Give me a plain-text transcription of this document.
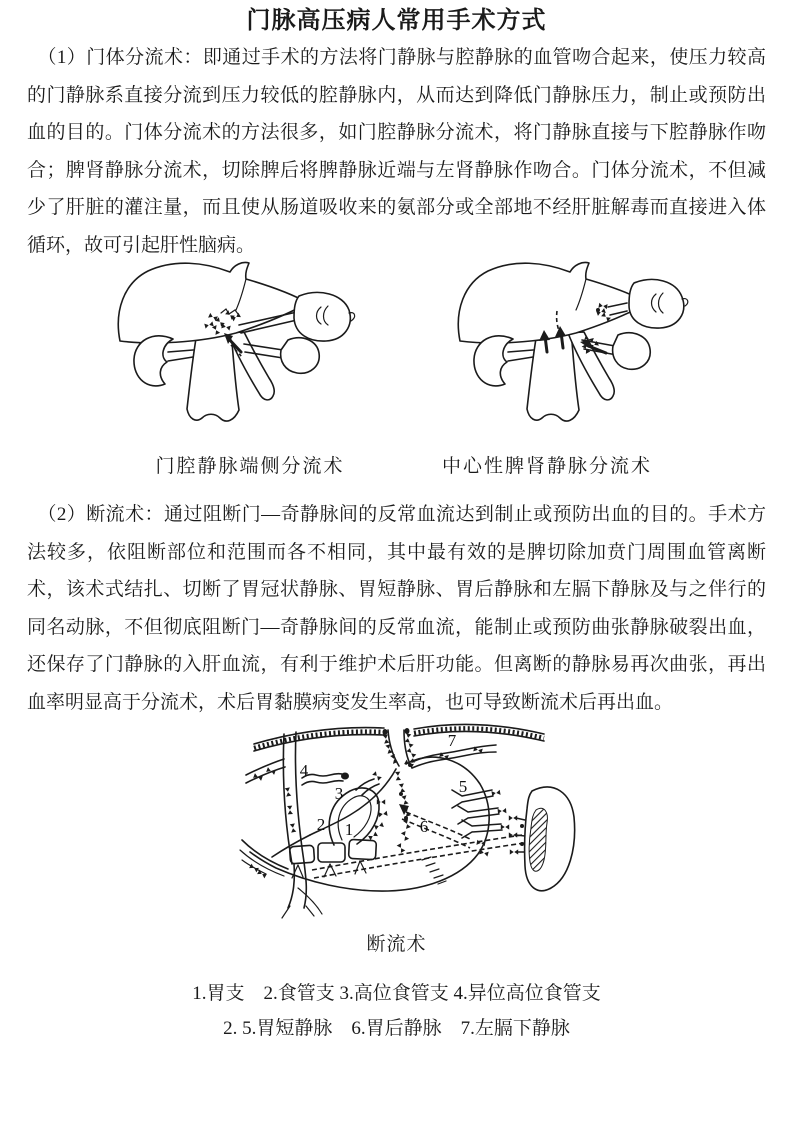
门脉高压病人常用手术方式
（1）门体分流术：即通过手术的方法将门静脉与腔静脉的血管吻合起来，使压力较高的门静脉系直接分流到压力较低的腔静脉内，从而达到降低门静脉压力，制止或预防出血的目的。门体分流术的方法很多，如门腔静脉分流术，将门静脉直接与下腔静脉作吻合；脾肾静脉分流术，切除脾后将脾静脉近端与左肾静脉作吻合。门体分流术，不但减少了肝脏的灌注量，而且使从肠道吸收来的氨部分或全部地不经肝脏解毒而直接进入体循环，故可引起肝性脑病。
门腔静脉端侧分流术	中心性脾肾静脉分流术
（2）断流术：通过阻断门—奇静脉间的反常血流达到制止或预防出血的目的。手术方法较多，依阻断部位和范围而各不相同，其中最有效的是脾切除加贲门周围血管离断术，该术式结扎、切断了胃冠状静脉、胃短静脉、胃后静脉和左膈下静脉及与之伴行的同名动脉，不但彻底阻断门—奇静脉间的反常血流，能制止或预防曲张静脉破裂出血，还保存了门静脉的入肝血流，有利于维护术后肝功能。但离断的静脉易再次曲张，再出血率明显高于分流术，术后胃黏膜病变发生率高，也可导致断流术后再出血。
1
2
3
4
5
6
7
断流术
1.胃支　2.食管支 3.高位食管支 4.异位高位食管支
2. 5.胃短静脉　6.胃后静脉　7.左膈下静脉
